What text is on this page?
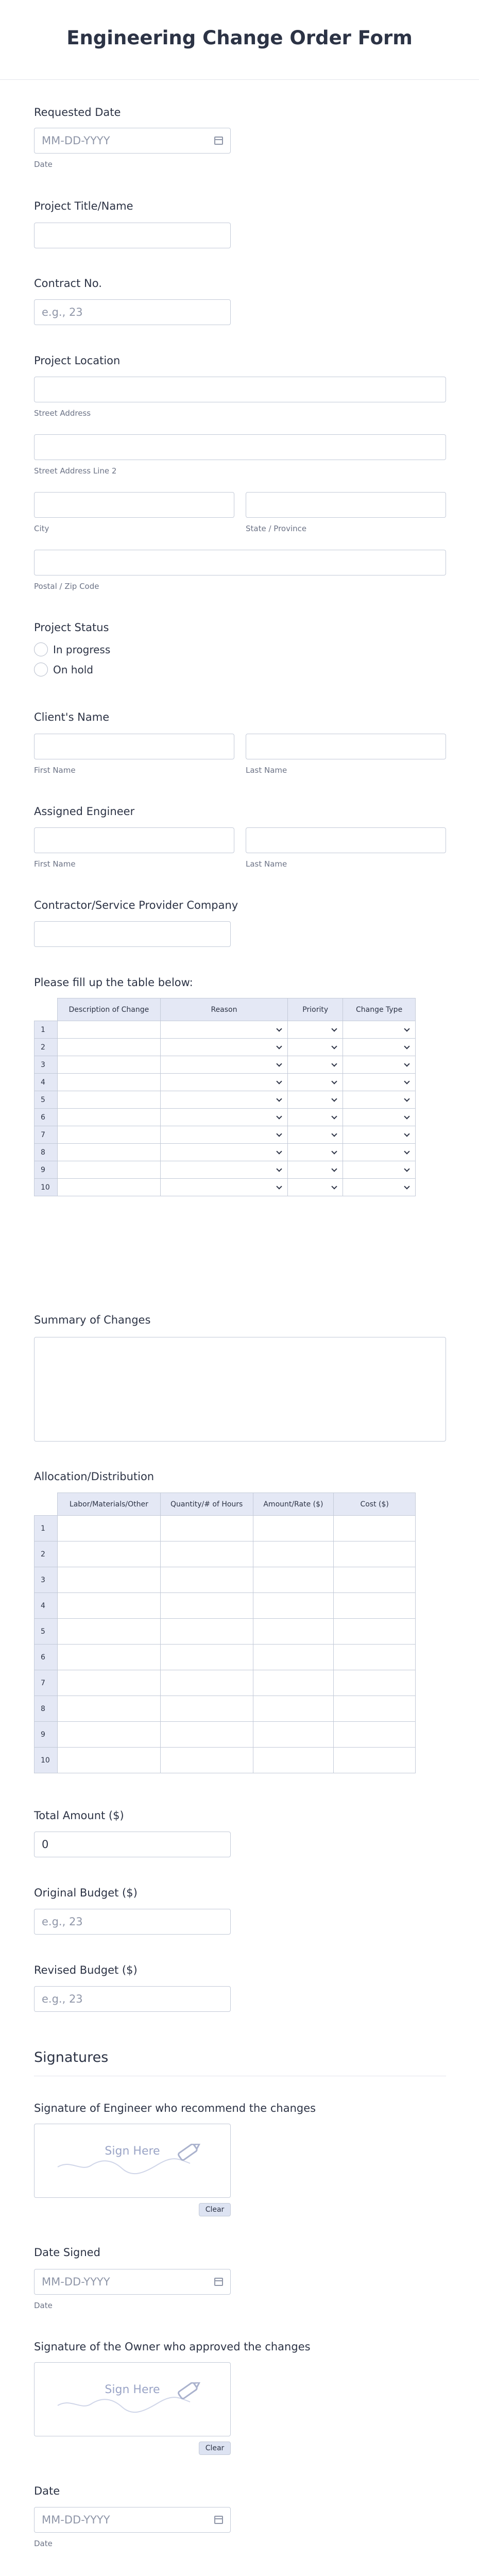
Engineering Change Order Form
Requested Date
MM-DD-YYYY
Date
Project Title/Name
Contract No.
e.g., 23
Project Location
Street Address
Street Address Line 2
City	State / Province
Postal / Zip Code
Project Status
In progress
On hold
Client's Name
First Name	Last Name
Assigned Engineer
First Name	Last Name
Contractor/Service Provider Company
Please fill up the table below:
	Description of Change	Reason	Priority	Change Type
1		

2		

3		

4		

5		

6		

7		

8		

9		

10		

Summary of Changes
Allocation/Distribution
	Labor/Materials/Other	Quantity/# of Hours	Amount/Rate ($)	Cost ($)
1				
2				
3				
4				
5				
6				
7				
8				
9				
10				
Total Amount ($)
0
Original Budget ($)
e.g., 23
Revised Budget ($)
e.g., 23
Signatures
Signature of Engineer who recommend the changes
Sign Here
Clear
Date Signed
MM-DD-YYYY
Date
Signature of the Owner who approved the changes
Sign Here
Clear
Date
MM-DD-YYYY
Date
